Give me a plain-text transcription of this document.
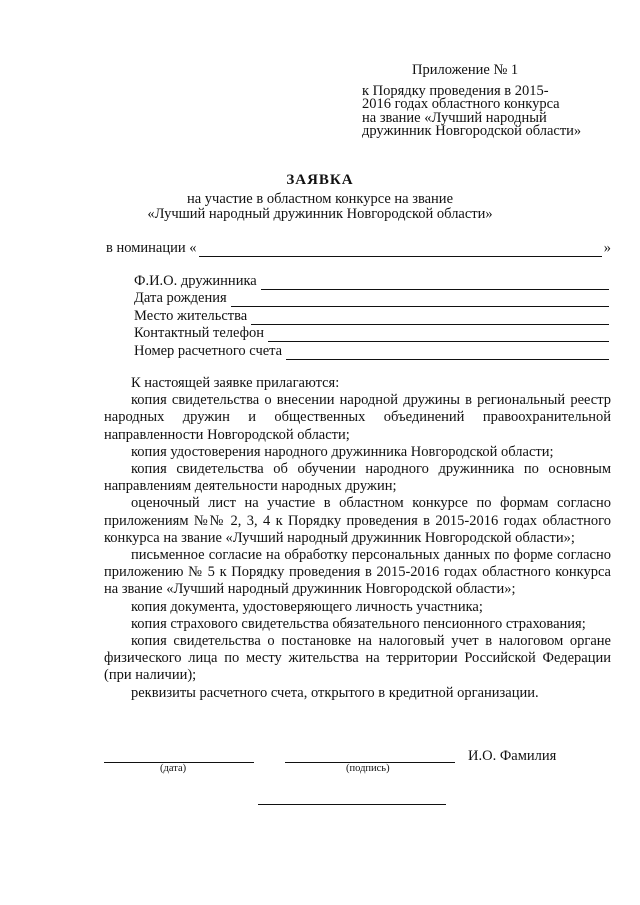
Приложение № 1
к Порядку проведения в 2015-
2016 годах областного конкурса
на звание «Лучший народный
дружинник Новгородской области»
ЗАЯВКА
на участие в областном конкурсе на звание
«Лучший народный дружинник Новгородской области»
в номинации «	»
Ф.И.О. дружинника
Дата рождения
Место жительства
Контактный телефон
Номер расчетного счета

К настоящей заявке прилагаются:

копия свидетельства о внесении народной дружины в региональный реестр народных дружин и общественных объединений правоохранительной направленности Новгородской области;

копия удостоверения народного дружинника Новгородской области;

копия свидетельства об обучении народного дружинника по основным направлениям деятельности народных дружин;

оценочный лист на участие в областном конкурсе по формам согласно приложениям №№ 2, 3, 4 к Порядку проведения в 2015-2016 годах областного конкурса на звание «Лучший народный дружинник Новгородской области»;

письменное согласие на обработку персональных данных по форме согласно приложению № 5 к Порядку проведения в 2015-2016 годах областного конкурса на звание «Лучший народный дружинник Новгородской области»;

копия документа, удостоверяющего личность участника;

копия страхового свидетельства обязательного пенсионного страхования;

копия свидетельства о постановке на налоговый учет в налоговом органе физического лица по месту жительства на территории Российской Федерации (при наличии);

реквизиты расчетного счета, открытого в кредитной организации.

(дата)	(подпись)
И.О. Фамилия
